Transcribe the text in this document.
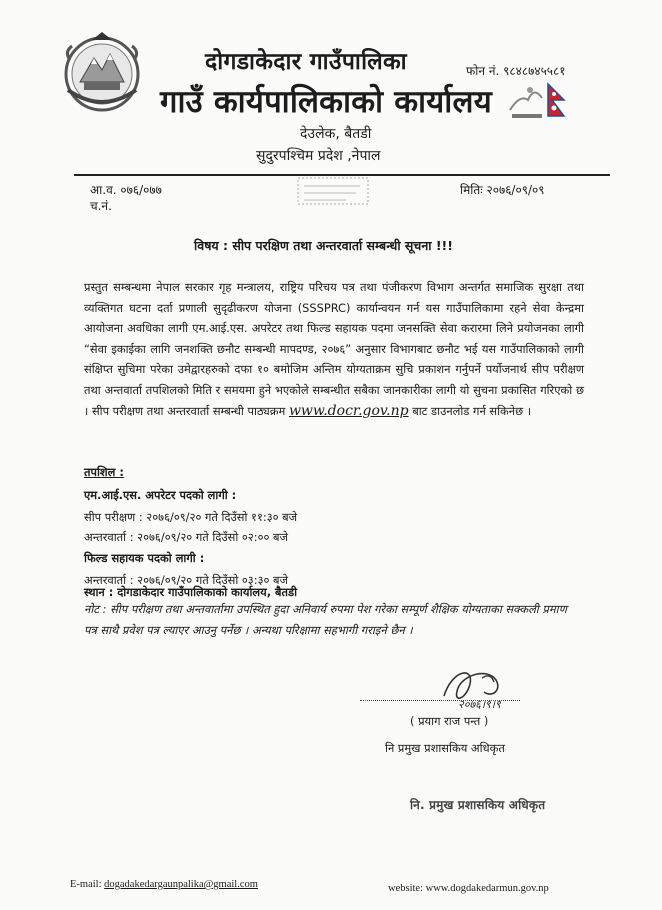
दोगडाकेदार गाउँपालिका
गाउँ कार्यपालिकाको कार्यालय
देउलेक, बैतडी
सुदुरपश्चिम प्रदेश ,नेपाल
फोन नं. ९८४८७४५५८१
आ.व. ०७६/०७७
च.नं.
मितिः २०७६/०९/०९
विषय : सीप परक्षिण तथा अन्तरवार्ता सम्बन्धी सूचना !!!
प्रस्तुत सम्बन्धमा नेपाल सरकार गृह मन्त्रालय, राष्ट्रिय परिचय पत्र तथा पंजीकरण विभाग अन्तर्गत समाजिक सुरक्षा तथा व्यक्तिगत घटना दर्ता प्रणाली सुदृढीकरण योजना (SSSPRC) कार्यान्वयन गर्न यस गाउँपालिकामा रहने सेवा केन्द्रमा आयोजना अवधिका लागी एम.आई.एस. अपरेटर तथा फिल्ड सहायक पदमा जनसक्ति सेवा करारमा लिने प्रयोजनका लागी “सेवा इकाईका लागि जनशक्ति छनौट सम्बन्धी मापदण्ड, २०७६” अनुसार विभागबाट छनौट भई यस गाउँपालिकाको लागी संक्षिप्त सुचिमा परेका उमेद्वारहरुको दफा १० बमोजिम अन्तिम योग्यताक्रम सुचि प्रकाशन गर्नुपर्ने पर्योजनार्थ सीप परीक्षण तथा अन्तवार्ता तपशिलको मिति र समयमा हुने भएकोले सम्बन्धीत सबैका जानकारीका लागी यो सुचना प्रकासित गरिएको छ । सीप परीक्षण तथा अन्तरवार्ता सम्बन्धी पाठ्यक्रम www.docr.gov.np बाट डाउनलोड गर्न सकिनेछ ।
तपशिल :
एम.आई.एस. अपरेटर पदको लागी :
सीप परीक्षण : २०७६/०९/२० गते दिउँसो ११:३० बजे
अन्तरवार्ता : २०७६/०९/२० गते दिउँसो ०२:०० बजे
फिल्ड सहायक पदको लागी :
अन्तरवार्ता : २०७६/०९/२० गते दिउँसो ०३:३० बजे
स्थान : दोगडाकेदार गाउँपालिकाको कार्यालय, बैतडी
नोट : सीप परीक्षण तथा अन्तवार्तामा उपस्थित हुदा अनिवार्य रुपमा पेश गरेका सम्पूर्ण शैक्षिक योग्यताका सक्कली प्रमाण पत्र साथै प्रवेश पत्र ल्याएर आउनु पर्नेछ । अन्यथा परिक्षामा सहभागी गराइने छैन ।
२०७६।९।९
( प्रयाग राज पन्त )
नि प्रमुख प्रशासकिय अधिकृत
नि. प्रमुख प्रशासकिय अधिकृत
E-mail: dogadakedargaunpalika@gmail.com	website: www.dogdakedarmun.gov.np
